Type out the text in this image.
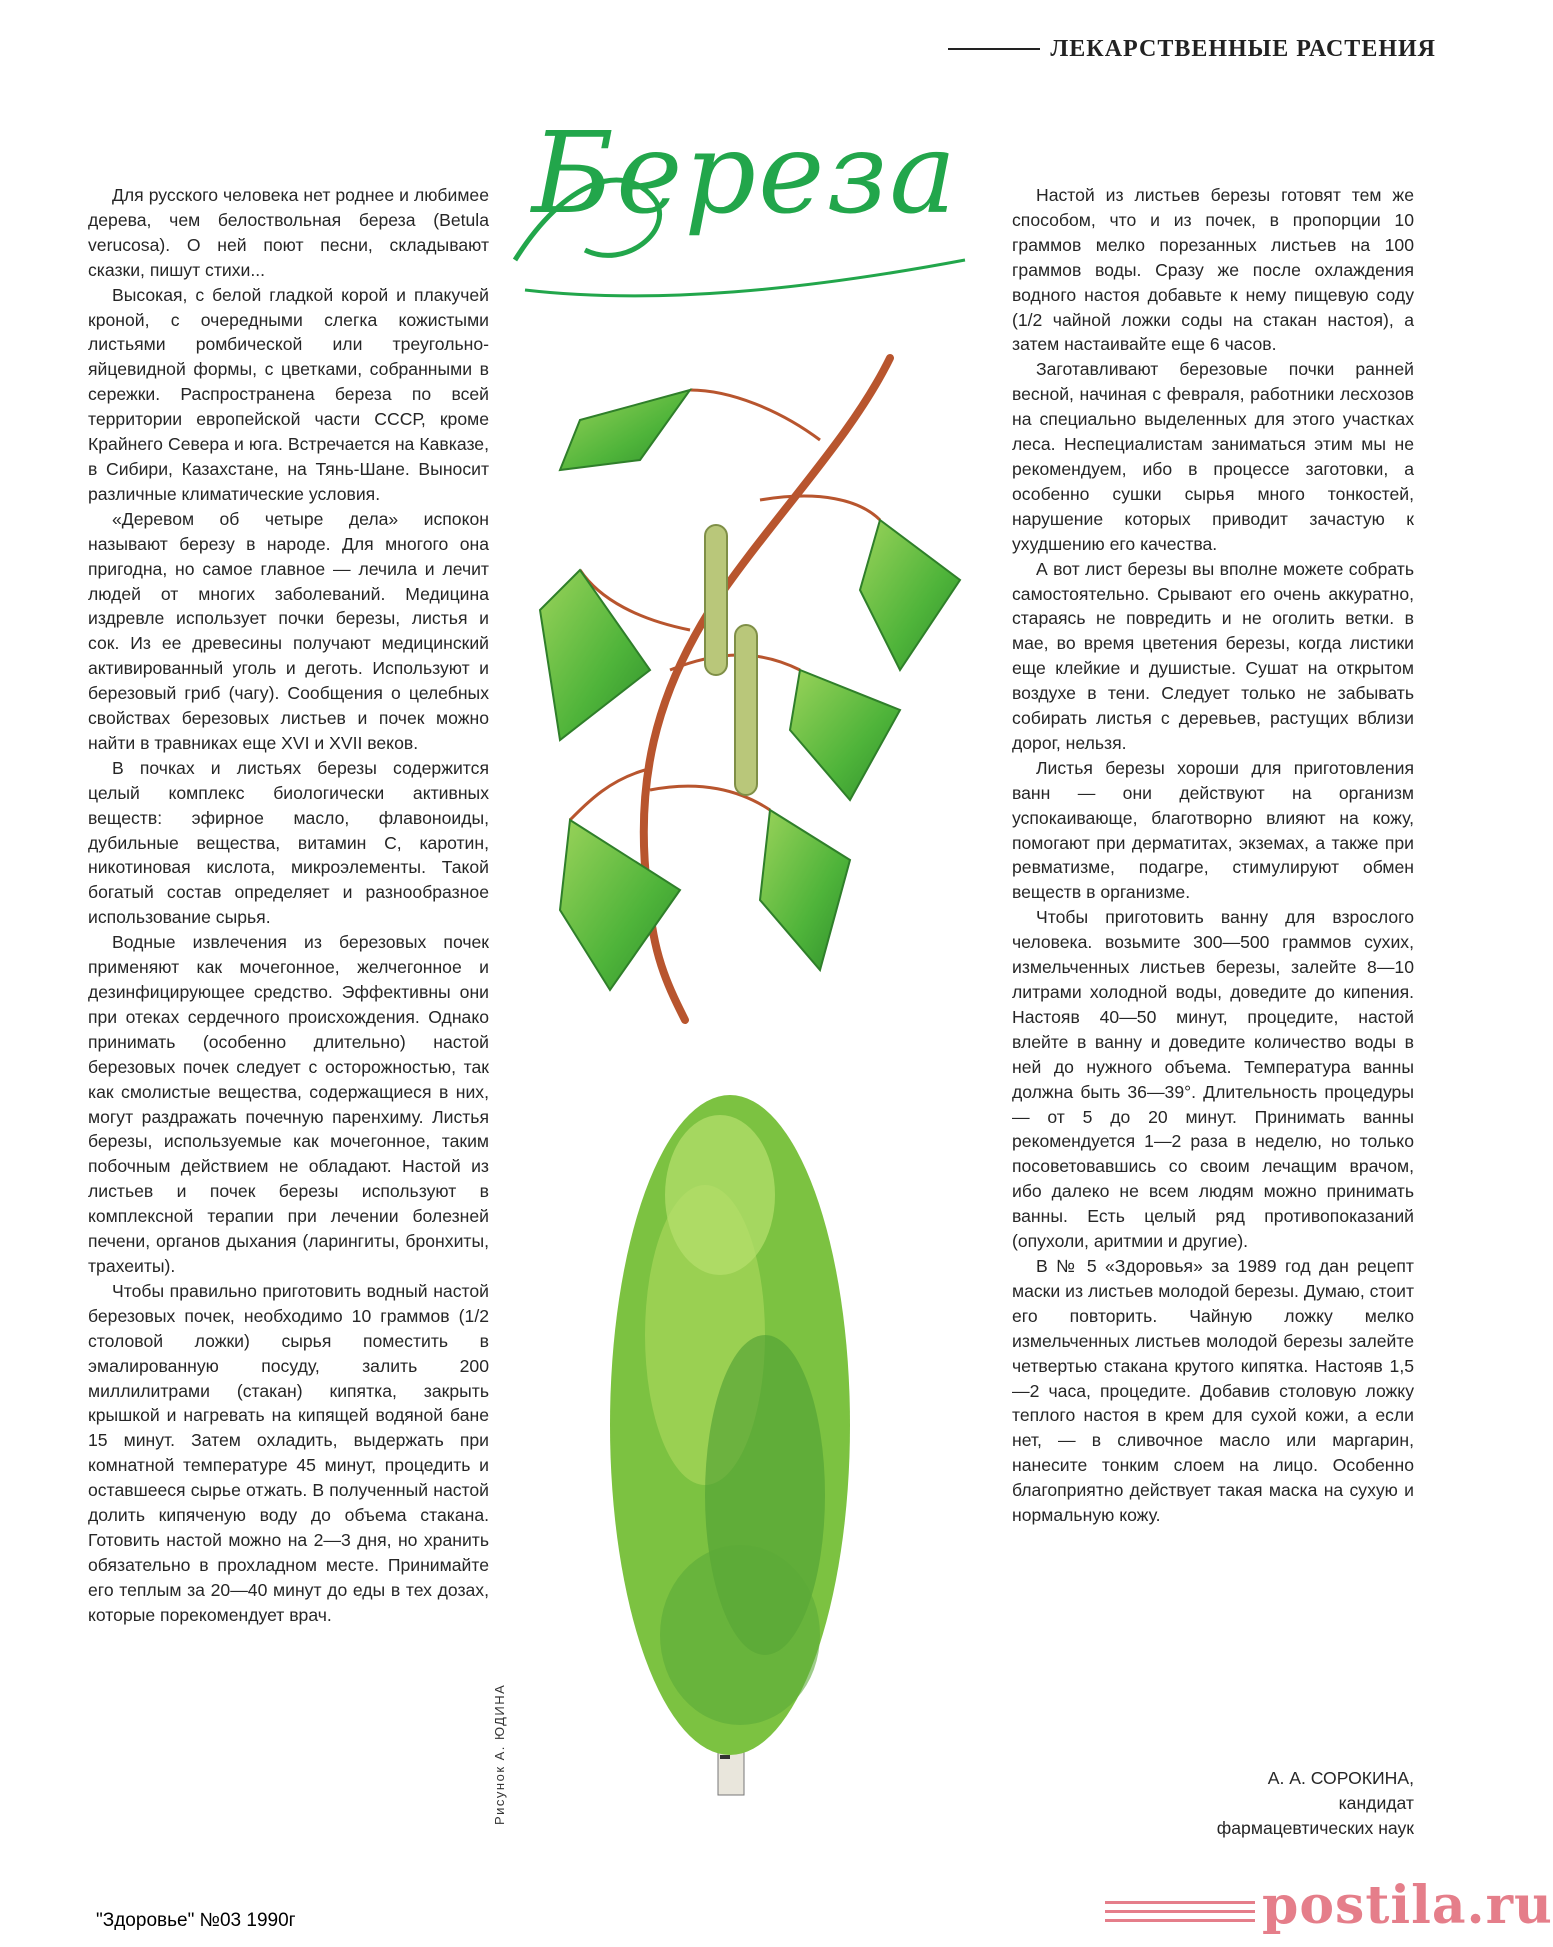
ЛЕКАРСТВЕННЫЕ РАСТЕНИЯ
Береза

Для русского человека нет роднее и любимее дерева, чем белоствольная береза (Betula verucosa). О ней поют песни, складывают сказки, пишут стихи...

Высокая, с белой гладкой корой и плакучей кроной, с очередными слегка кожистыми листьями ромбической или треугольно-яйцевидной формы, с цветками, собранными в сережки. Распространена береза по всей территории европейской части СССР, кроме Крайнего Севера и юга. Встречается на Кавказе, в Сибири, Казахстане, на Тянь-Шане. Выносит различные климатические условия.

«Деревом об четыре дела» испокон называют березу в народе. Для многого она пригодна, но самое главное — лечила и лечит людей от многих заболеваний. Медицина издревле использует почки березы, листья и сок. Из ее древесины получают медицинский активированный уголь и деготь. Используют и березовый гриб (чагу). Сообщения о целебных свойствах березовых листьев и почек можно найти в травниках еще XVI и XVII веков.

В почках и листьях березы содержится целый комплекс биологически активных веществ: эфирное масло, флавоноиды, дубильные вещества, витамин С, каротин, никотиновая кислота, микроэлементы. Такой богатый состав определяет и разнообразное использование сырья.

Водные извлечения из березовых почек применяют как мочегонное, желчегонное и дезинфицирующее средство. Эффективны они при отеках сердечного происхождения. Однако принимать (особенно длительно) настой березовых почек следует с осторожностью, так как смолистые вещества, содержащиеся в них, могут раздражать почечную паренхиму. Листья березы, используемые как мочегонное, таким побочным действием не обладают. Настой из листьев и почек березы используют в комплексной терапии при лечении болезней печени, органов дыхания (ларингиты, бронхиты, трахеиты).

Чтобы правильно приготовить водный настой березовых почек, необходимо 10 граммов (1/2 столовой ложки) сырья поместить в эмалированную посуду, залить 200 миллилитрами (стакан) кипятка, закрыть крышкой и нагревать на кипящей водяной бане 15 минут. Затем охладить, выдержать при комнатной температуре 45 минут, процедить и оставшееся сырье отжать. В полученный настой долить кипяченую воду до объема стакана. Готовить настой можно на 2—3 дня, но хранить обязательно в прохладном месте. Принимайте его теплым за 20—40 минут до еды в тех дозах, которые порекомендует врач.

Рисунок А. ЮДИНА

Настой из листьев березы готовят тем же способом, что и из почек, в пропорции 10 граммов мелко порезанных листьев на 100 граммов воды. Сразу же после охлаждения водного настоя добавьте к нему пищевую соду (1/2 чайной ложки соды на стакан настоя), а затем настаивайте еще 6 часов.

Заготавливают березовые почки ранней весной, начиная с февраля, работники лесхозов на специально выделенных для этого участках леса. Неспециалистам заниматься этим мы не рекомендуем, ибо в процессе заготовки, а особенно сушки сырья много тонкостей, нарушение которых приводит зачастую к ухудшению его качества.

А вот лист березы вы вполне можете собрать самостоятельно. Срывают его очень аккуратно, стараясь не повредить и не оголить ветки. в мае, во время цветения березы, когда листики еще клейкие и душистые. Сушат на открытом воздухе в тени. Следует только не забывать собирать листья с деревьев, растущих вблизи дорог, нельзя.

Листья березы хороши для приготовления ванн — они действуют на организм успокаивающе, благотворно влияют на кожу, помогают при дерматитах, экземах, а также при ревматизме, подагре, стимулируют обмен веществ в организме.

Чтобы приготовить ванну для взрослого человека. возьмите 300—500 граммов сухих, измельченных листьев березы, залейте 8—10 литрами холодной воды, доведите до кипения. Настояв 40—50 минут, процедите, настой влейте в ванну и доведите количество воды в ней до нужного объема. Температура ванны должна быть 36—39°. Длительность процедуры — от 5 до 20 минут. Принимать ванны рекомендуется 1—2 раза в неделю, но только посоветовавшись со своим лечащим врачом, ибо далеко не всем людям можно принимать ванны. Есть целый ряд противопоказаний (опухоли, аритмии и другие).

В № 5 «Здоровья» за 1989 год дан рецепт маски из листьев молодой березы. Думаю, стоит его повторить. Чайную ложку мелко измельченных листьев молодой березы залейте четвертью стакана крутого кипятка. Настояв 1,5—2 часа, процедите. Добавив столовую ложку теплого настоя в крем для сухой кожи, а если нет, — в сливочное масло или маргарин, нанесите тонким слоем на лицо. Особенно благоприятно действует такая маска на сухую и нормальную кожу.

А. А. СОРОКИНА,
кандидат
фармацевтических наук
"Здоровье" №03 1990г	postila.ru
